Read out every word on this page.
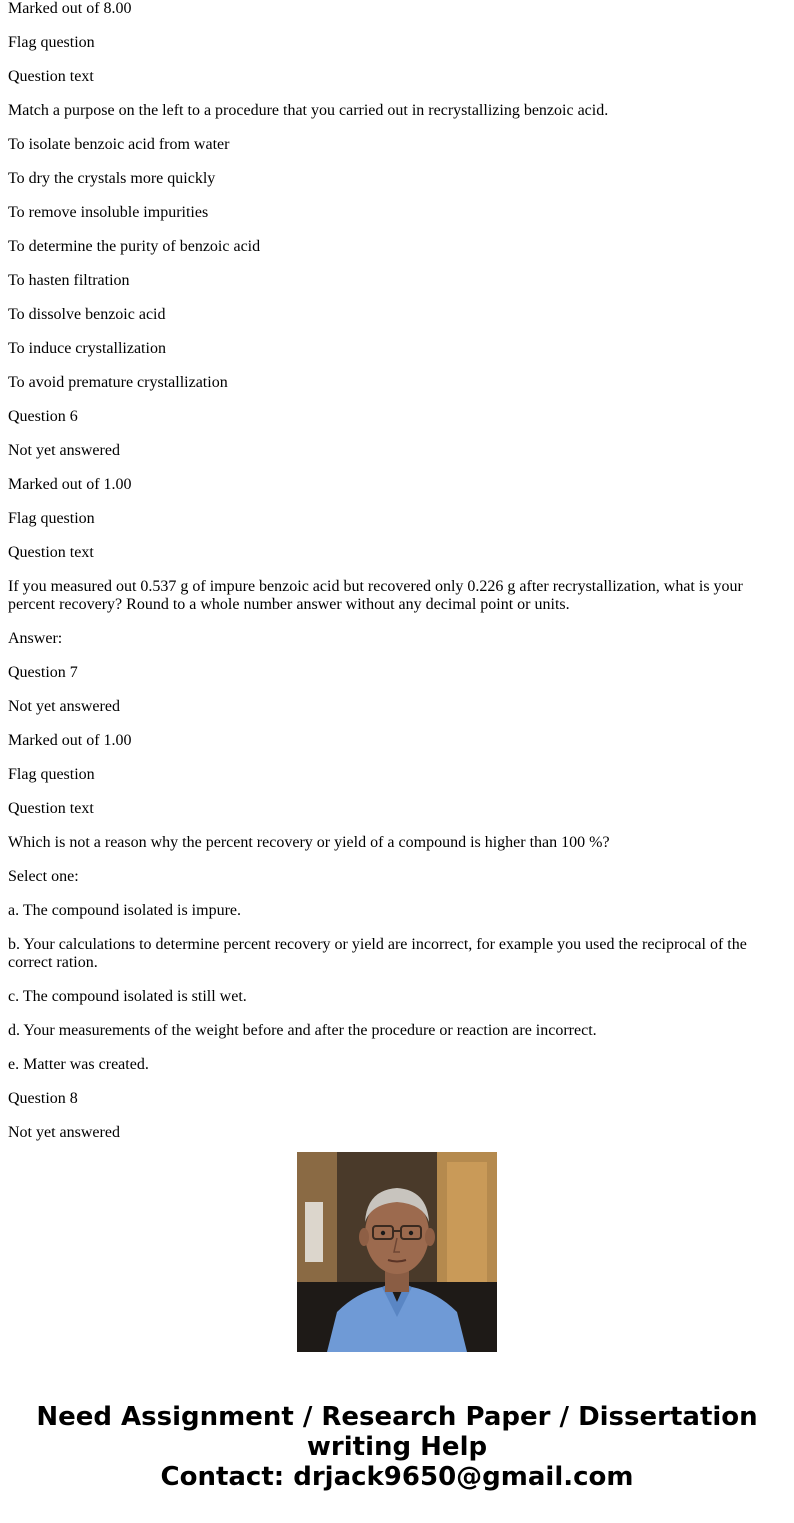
Marked out of 8.00

Flag question

Question text

Match a purpose on the left to a procedure that you carried out in recrystallizing benzoic acid.

To isolate benzoic acid from water

To dry the crystals more quickly

To remove insoluble impurities

To determine the purity of benzoic acid

To hasten filtration

To dissolve benzoic acid

To induce crystallization

To avoid premature crystallization

Question 6

Not yet answered

Marked out of 1.00

Flag question

Question text

If you measured out 0.537 g of impure benzoic acid but recovered only 0.226 g after recrystallization, what is your percent recovery? Round to a whole number answer without any decimal point or units.

Answer:

Question 7

Not yet answered

Marked out of 1.00

Flag question

Question text

Which is not a reason why the percent recovery or yield of a compound is higher than 100 %?

Select one:

a. The compound isolated is impure.

b. Your calculations to determine percent recovery or yield are incorrect, for example you used the reciprocal of the correct ration.

c. The compound isolated is still wet.

d. Your measurements of the weight before and after the procedure or reaction are incorrect.

e. Matter was created.

Question 8

Not yet answered

Need Assignment / Research Paper / Dissertation writing Help
Contact: drjack9650@gmail.com
